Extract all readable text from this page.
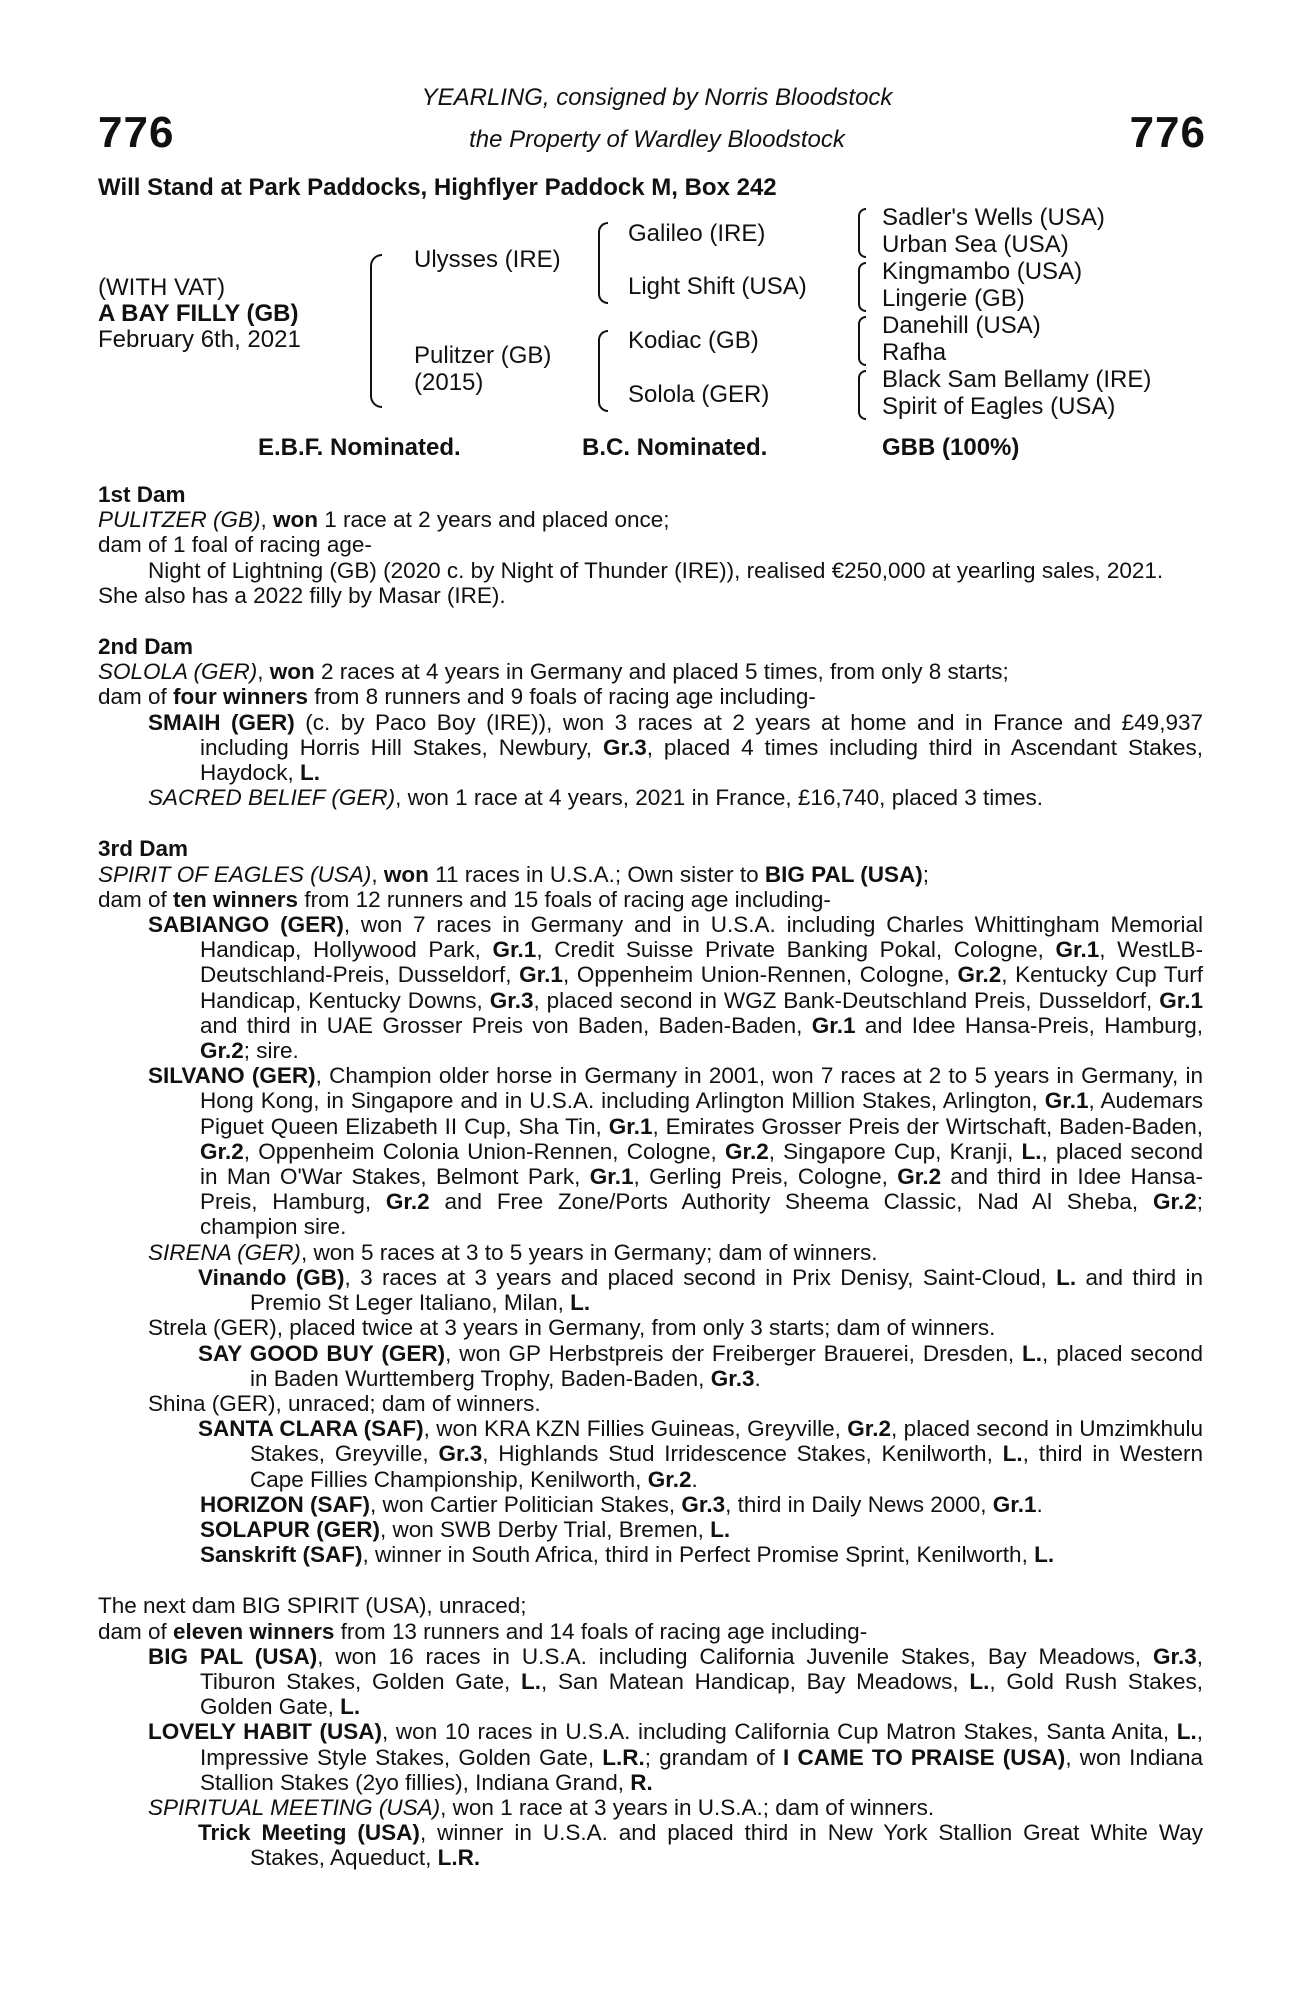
776	776
YEARLING, consigned by Norris Bloodstock
the Property of Wardley Bloodstock
Will Stand at Park Paddocks, Highflyer Paddock M, Box 242
(WITH VAT)
A BAY FILLY (GB)
February 6th, 2021
Ulysses (IRE)
Pulitzer (GB)
(2015)
Galileo (IRE)
Light Shift (USA)
Kodiac (GB)
Solola (GER)
Sadler's Wells (USA)
Urban Sea (USA)
Kingmambo (USA)
Lingerie (GB)
Danehill (USA)
Rafha
Black Sam Bellamy (IRE)
Spirit of Eagles (USA)
E.B.F. Nominated.	B.C. Nominated.	GBB (100%)
1st Dam
PULITZER (GB), won 1 race at 2 years and placed once;
dam of 1 foal of racing age-
Night of Lightning (GB) (2020 c. by Night of Thunder (IRE)), realised €250,000 at yearling sales, 2021.
She also has a 2022 filly by Masar (IRE).
2nd Dam
SOLOLA (GER), won 2 races at 4 years in Germany and placed 5 times, from only 8 starts;
dam of four winners from 8 runners and 9 foals of racing age including-
SMAIH (GER) (c. by Paco Boy (IRE)), won 3 races at 2 years at home and in France and £49,937 including Horris Hill Stakes, Newbury, Gr.3, placed 4 times including third in Ascendant Stakes, Haydock, L.
SACRED BELIEF (GER), won 1 race at 4 years, 2021 in France, £16,740, placed 3 times.
3rd Dam
SPIRIT OF EAGLES (USA), won 11 races in U.S.A.; Own sister to BIG PAL (USA);
dam of ten winners from 12 runners and 15 foals of racing age including-
SABIANGO (GER), won 7 races in Germany and in U.S.A. including Charles Whittingham Memorial Handicap, Hollywood Park, Gr.1, Credit Suisse Private Banking Pokal, Cologne, Gr.1, WestLB-Deutschland-Preis, Dusseldorf, Gr.1, Oppenheim Union-Rennen, Cologne, Gr.2, Kentucky Cup Turf Handicap, Kentucky Downs, Gr.3, placed second in WGZ Bank-Deutschland Preis, Dusseldorf, Gr.1 and third in UAE Grosser Preis von Baden, Baden-Baden, Gr.1 and Idee Hansa-Preis, Hamburg, Gr.2; sire.
SILVANO (GER), Champion older horse in Germany in 2001, won 7 races at 2 to 5 years in Germany, in Hong Kong, in Singapore and in U.S.A. including Arlington Million Stakes, Arlington, Gr.1, Audemars Piguet Queen Elizabeth II Cup, Sha Tin, Gr.1, Emirates Grosser Preis der Wirtschaft, Baden-Baden, Gr.2, Oppenheim Colonia Union-Rennen, Cologne, Gr.2, Singapore Cup, Kranji, L., placed second in Man O'War Stakes, Belmont Park, Gr.1, Gerling Preis, Cologne, Gr.2 and third in Idee Hansa-Preis, Hamburg, Gr.2 and Free Zone/Ports Authority Sheema Classic, Nad Al Sheba, Gr.2; champion sire.
SIRENA (GER), won 5 races at 3 to 5 years in Germany; dam of winners.
Vinando (GB), 3 races at 3 years and placed second in Prix Denisy, Saint-Cloud, L. and third in Premio St Leger Italiano, Milan, L.
Strela (GER), placed twice at 3 years in Germany, from only 3 starts; dam of winners.
SAY GOOD BUY (GER), won GP Herbstpreis der Freiberger Brauerei, Dresden, L., placed second in Baden Wurttemberg Trophy, Baden-Baden, Gr.3.
Shina (GER), unraced; dam of winners.
SANTA CLARA (SAF), won KRA KZN Fillies Guineas, Greyville, Gr.2, placed second in Umzimkhulu Stakes, Greyville, Gr.3, Highlands Stud Irridescence Stakes, Kenilworth, L., third in Western Cape Fillies Championship, Kenilworth, Gr.2.
HORIZON (SAF), won Cartier Politician Stakes, Gr.3, third in Daily News 2000, Gr.1.
SOLAPUR (GER), won SWB Derby Trial, Bremen, L.
Sanskrift (SAF), winner in South Africa, third in Perfect Promise Sprint, Kenilworth, L.
The next dam BIG SPIRIT (USA), unraced;
dam of eleven winners from 13 runners and 14 foals of racing age including-
BIG PAL (USA), won 16 races in U.S.A. including California Juvenile Stakes, Bay Meadows, Gr.3, Tiburon Stakes, Golden Gate, L., San Matean Handicap, Bay Meadows, L., Gold Rush Stakes, Golden Gate, L.
LOVELY HABIT (USA), won 10 races in U.S.A. including California Cup Matron Stakes, Santa Anita, L., Impressive Style Stakes, Golden Gate, L.R.; grandam of I CAME TO PRAISE (USA), won Indiana Stallion Stakes (2yo fillies), Indiana Grand, R.
SPIRITUAL MEETING (USA), won 1 race at 3 years in U.S.A.; dam of winners.
Trick Meeting (USA), winner in U.S.A. and placed third in New York Stallion Great White Way Stakes, Aqueduct, L.R.
